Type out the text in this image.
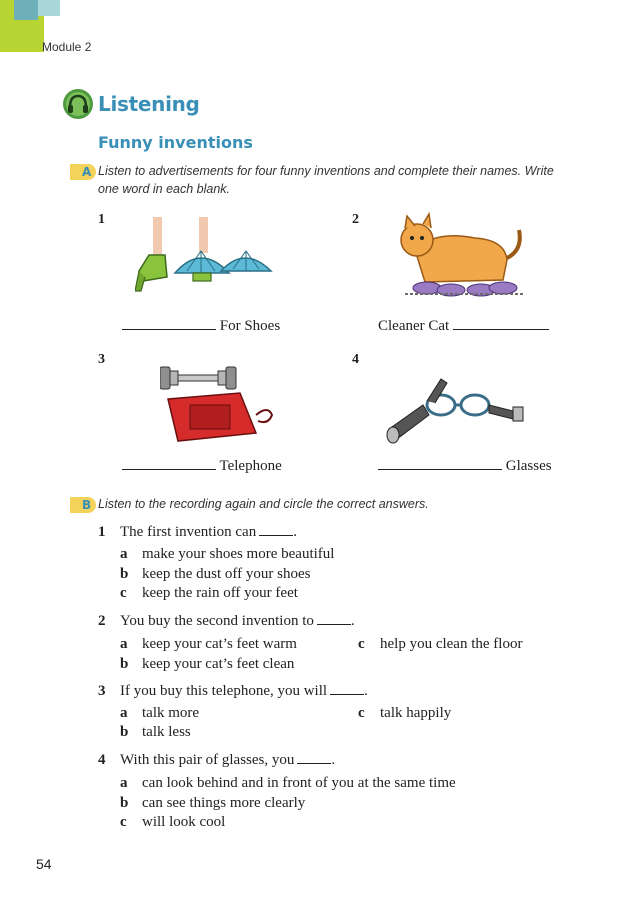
Module 2
Listening
Funny inventions
A Listen to advertisements for four funny inventions and complete their names. Write one word in each blank.
1	2
3	4
For Shoes	Cleaner Cat
Telephone	Glasses
B Listen to the recording again and circle the correct answers.
1 The first invention can .
a make your shoes more beautiful
b keep the dust off your shoes
c keep the rain off your feet
2 You buy the second invention to .
a keep your cat’s feet warm	c help you clean the floor
b keep your cat’s feet clean
3 If you buy this telephone, you will .
a talk more	c talk happily
b talk less
4 With this pair of glasses, you .
a can look behind and in front of you at the same time
b can see things more clearly
c will look cool
54
